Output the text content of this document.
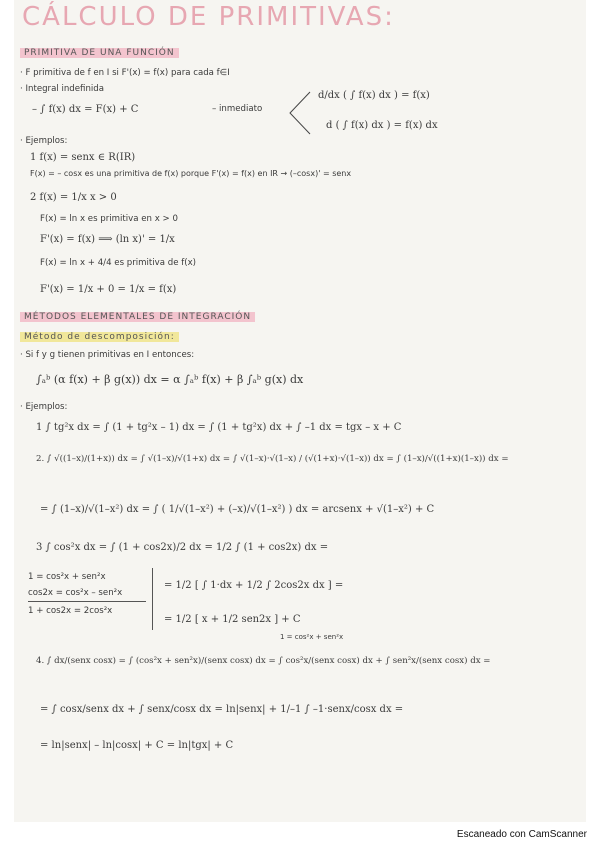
CÁLCULO DE PRIMITIVAS:
PRIMITIVA DE UNA FUNCIÓN
· F primitiva de f en I si F'(x) = f(x) para cada f∈I
· Integral indefinida
– ∫ f(x) dx = F(x) + C	– inmediato
d/dx ( ∫ f(x) dx ) = f(x)
d ( ∫ f(x) dx ) = f(x) dx
· Ejemplos:
1 f(x) = senx ∈ R(IR)
F(x) = – cosx es una primitiva de f(x) porque F'(x) = f(x) en IR → (–cosx)' = senx
2 f(x) = 1/x x > 0
F(x) = ln x es primitiva en x > 0
F'(x) = f(x) ⟹ (ln x)' = 1/x
F(x) = ln x + 4/4 es primitiva de f(x)
F'(x) = 1/x + 0 = 1/x = f(x)
MÉTODOS ELEMENTALES DE INTEGRACIÓN
Método de descomposición:
· Si f y g tienen primitivas en I entonces:
∫ₐᵇ (α f(x) + β g(x)) dx = α ∫ₐᵇ f(x) + β ∫ₐᵇ g(x) dx
· Ejemplos:
1 ∫ tg²x dx = ∫ (1 + tg²x – 1) dx = ∫ (1 + tg²x) dx + ∫ –1 dx = tgx – x + C
2. ∫ √((1–x)/(1+x)) dx = ∫ √(1–x)/√(1+x) dx = ∫ √(1–x)·√(1–x) / (√(1+x)·√(1–x)) dx = ∫ (1–x)/√((1+x)(1–x)) dx =
= ∫ (1–x)/√(1–x²) dx = ∫ ( 1/√(1–x²) + (–x)/√(1–x²) ) dx = arcsenx + √(1–x²) + C
3 ∫ cos²x dx = ∫ (1 + cos2x)/2 dx = 1/2 ∫ (1 + cos2x) dx =
1 = cos²x + sen²x
cos2x = cos²x – sen²x
1 + cos2x = 2cos²x
= 1/2 [ ∫ 1·dx + 1/2 ∫ 2cos2x dx ] =
= 1/2 [ x + 1/2 sen2x ] + C
1 = cos²x + sen²x
4. ∫ dx/(senx cosx) = ∫ (cos²x + sen²x)/(senx cosx) dx = ∫ cos²x/(senx cosx) dx + ∫ sen²x/(senx cosx) dx =
= ∫ cosx/senx dx + ∫ senx/cosx dx = ln|senx| + 1/–1 ∫ –1·senx/cosx dx =
= ln|senx| – ln|cosx| + C = ln|tgx| + C
Escaneado con CamScanner
